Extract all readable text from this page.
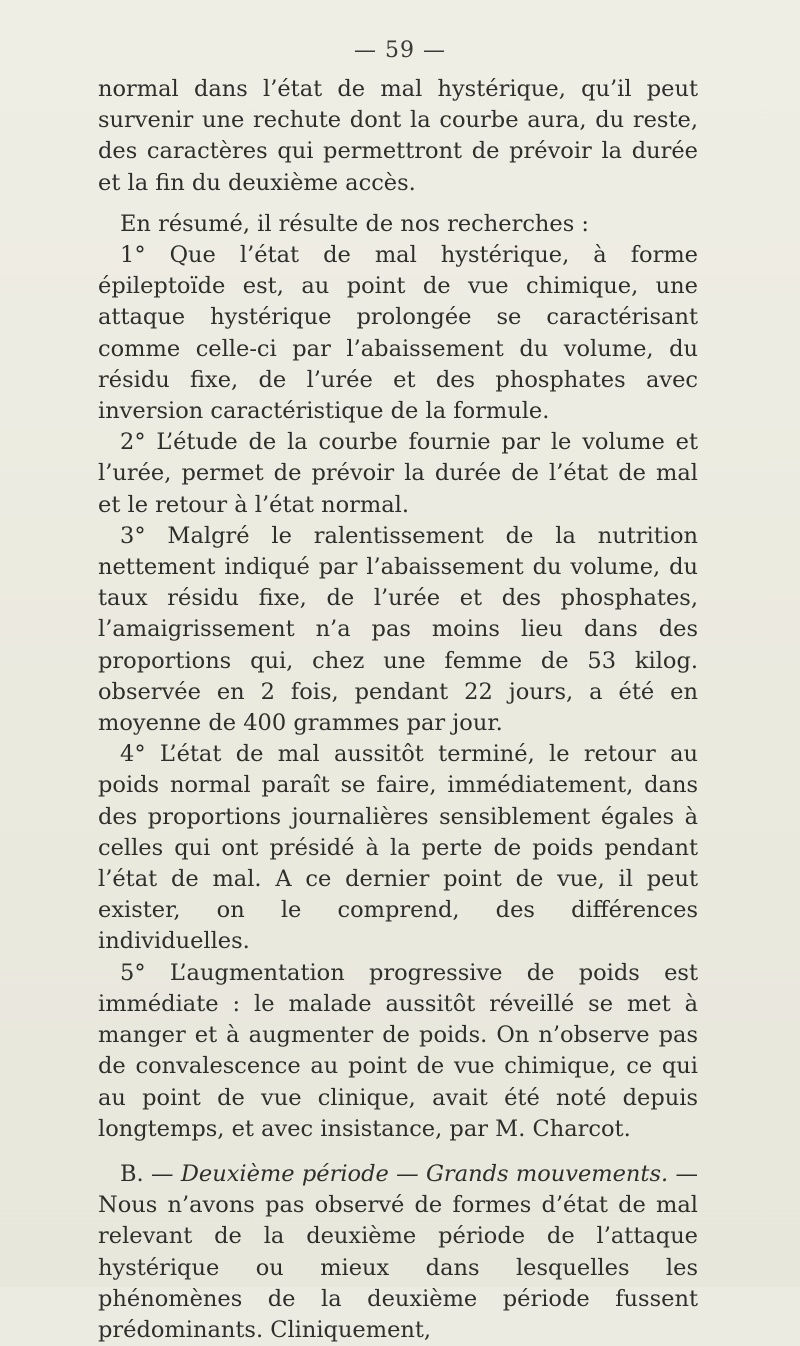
— 59 —

normal dans l’état de mal hystérique, qu’il peut survenir une rechute dont la courbe aura, du reste, des caractères qui permettront de prévoir la durée et la fin du deuxième accès.

En résumé, il résulte de nos recherches :

1° Que l’état de mal hystérique, à forme épileptoïde est, au point de vue chimique, une attaque hystérique prolongée se caractérisant comme celle-ci par l’abaissement du volume, du résidu fixe, de l’urée et des phosphates avec inversion caractéristique de la formule.

2° L’étude de la courbe fournie par le volume et l’urée, permet de prévoir la durée de l’état de mal et le retour à l’état normal.

3° Malgré le ralentissement de la nutrition nettement indiqué par l’abaissement du volume, du taux résidu fixe, de l’urée et des phosphates, l’amaigrissement n’a pas moins lieu dans des proportions qui, chez une femme de 53 kilog. observée en 2 fois, pendant 22 jours, a été en moyenne de 400 grammes par jour.

4° L’état de mal aussitôt terminé, le retour au poids normal paraît se faire, immédiatement, dans des proportions journalières sensiblement égales à celles qui ont présidé à la perte de poids pendant l’état de mal. A ce dernier point de vue, il peut exister, on le comprend, des différences individuelles.

5° L’augmentation progressive de poids est immédiate : le malade aussitôt réveillé se met à manger et à augmenter de poids. On n’observe pas de convalescence au point de vue chimique, ce qui au point de vue clinique, avait été noté depuis longtemps, et avec insistance, par M. Charcot.

B. — Deuxième période — Grands mouvements. — Nous n’avons pas observé de formes d’état de mal relevant de la deuxième période de l’attaque hystérique ou mieux dans lesquelles les phénomènes de la deuxième période fussent prédominants. Cliniquement,
